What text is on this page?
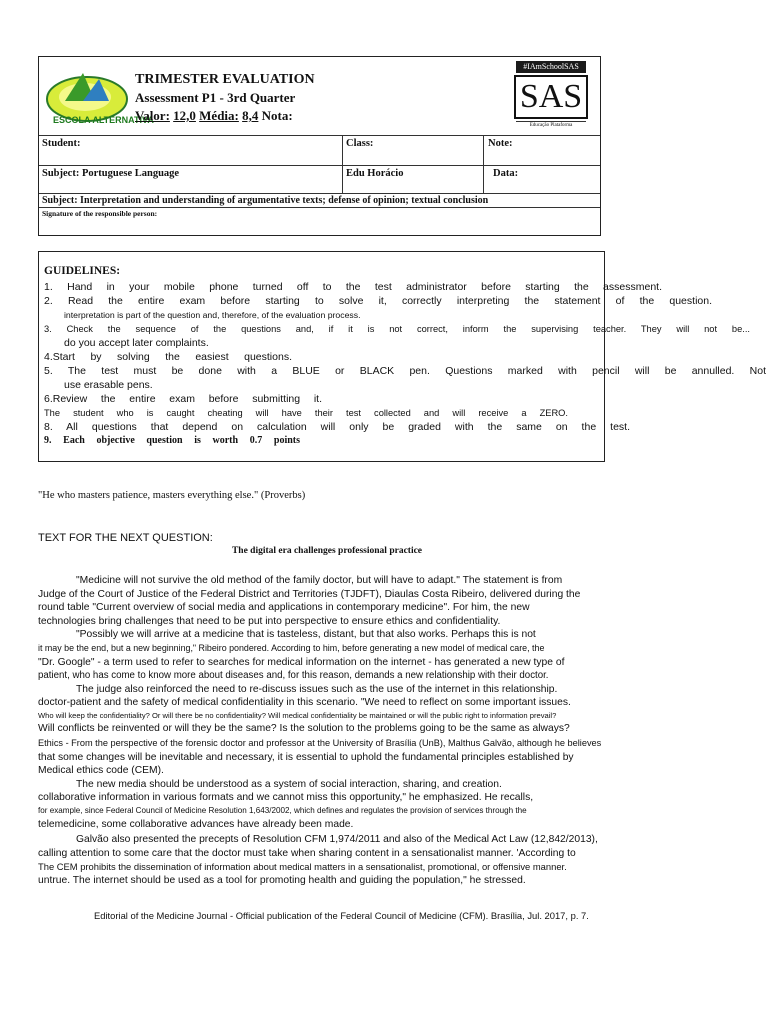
ESCOLA ALTERNATIVA
TRIMESTER EVALUATION
Assessment P1 - 3rd Quarter
Valor: 12,0 Média: 8,4 Nota:
#IAmSchoolSAS
SAS
Educação Plataforma
Student:	Class:	Note:
Subject: Portuguese Language	Edu Horácio	Data:
Subject: Interpretation and understanding of argumentative texts; defense of opinion; textual conclusion
Signature of the responsible person:
GUIDELINES:
1. Hand in your mobile phone turned off to the test administrator before starting the assessment.
2. Read the entire exam before starting to solve it, correctly interpreting the statement of the question.
interpretation is part of the question and, therefore, of the evaluation process.
3. Check the sequence of the questions and, if it is not correct, inform the supervising teacher. They will not be...
do you accept later complaints.
4.Start by solving the easiest questions.
5. The test must be done with a BLUE or BLACK pen. Questions marked with pencil will be annulled. Not
use erasable pens.
6.Review the entire exam before submitting it.
The student who is caught cheating will have their test collected and will receive a ZERO.
8. All questions that depend on calculation will only be graded with the same on the test.
9. Each objective question is worth 0.7 points
"He who masters patience, masters everything else." (Proverbs)
TEXT FOR THE NEXT QUESTION:
The digital era challenges professional practice
"Medicine will not survive the old method of the family doctor, but will have to adapt." The statement is from
Judge of the Court of Justice of the Federal District and Territories (TJDFT), Diaulas Costa Ribeiro, delivered during the
round table "Current overview of social media and applications in contemporary medicine". For him, the new
technologies bring challenges that need to be put into perspective to ensure ethics and confidentiality.
"Possibly we will arrive at a medicine that is tasteless, distant, but that also works. Perhaps this is not
it may be the end, but a new beginning," Ribeiro pondered. According to him, before generating a new model of medical care, the
"Dr. Google" - a term used to refer to searches for medical information on the internet - has generated a new type of
patient, who has come to know more about diseases and, for this reason, demands a new relationship with their doctor.
The judge also reinforced the need to re-discuss issues such as the use of the internet in this relationship.
doctor-patient and the safety of medical confidentiality in this scenario. "We need to reflect on some important issues.
Who will keep the confidentiality? Or will there be no confidentiality? Will medical confidentiality be maintained or will the public right to information prevail?
Will conflicts be reinvented or will they be the same? Is the solution to the problems going to be the same as always?
Ethics - From the perspective of the forensic doctor and professor at the University of Brasília (UnB), Malthus Galvão, although he believes
that some changes will be inevitable and necessary, it is essential to uphold the fundamental principles established by
Medical ethics code (CEM).
The new media should be understood as a system of social interaction, sharing, and creation.
collaborative information in various formats and we cannot miss this opportunity," he emphasized. He recalls,
for example, since Federal Council of Medicine Resolution 1,643/2002, which defines and regulates the provision of services through the
telemedicine, some collaborative advances have already been made.
Galvão also presented the precepts of Resolution CFM 1,974/2011 and also of the Medical Act Law (12,842/2013),
calling attention to some care that the doctor must take when sharing content in a sensationalist manner. 'According to
The CEM prohibits the dissemination of information about medical matters in a sensationalist, promotional, or offensive manner.
untrue. The internet should be used as a tool for promoting health and guiding the population," he stressed.
Editorial of the Medicine Journal - Official publication of the Federal Council of Medicine (CFM). Brasília, Jul. 2017, p. 7.
